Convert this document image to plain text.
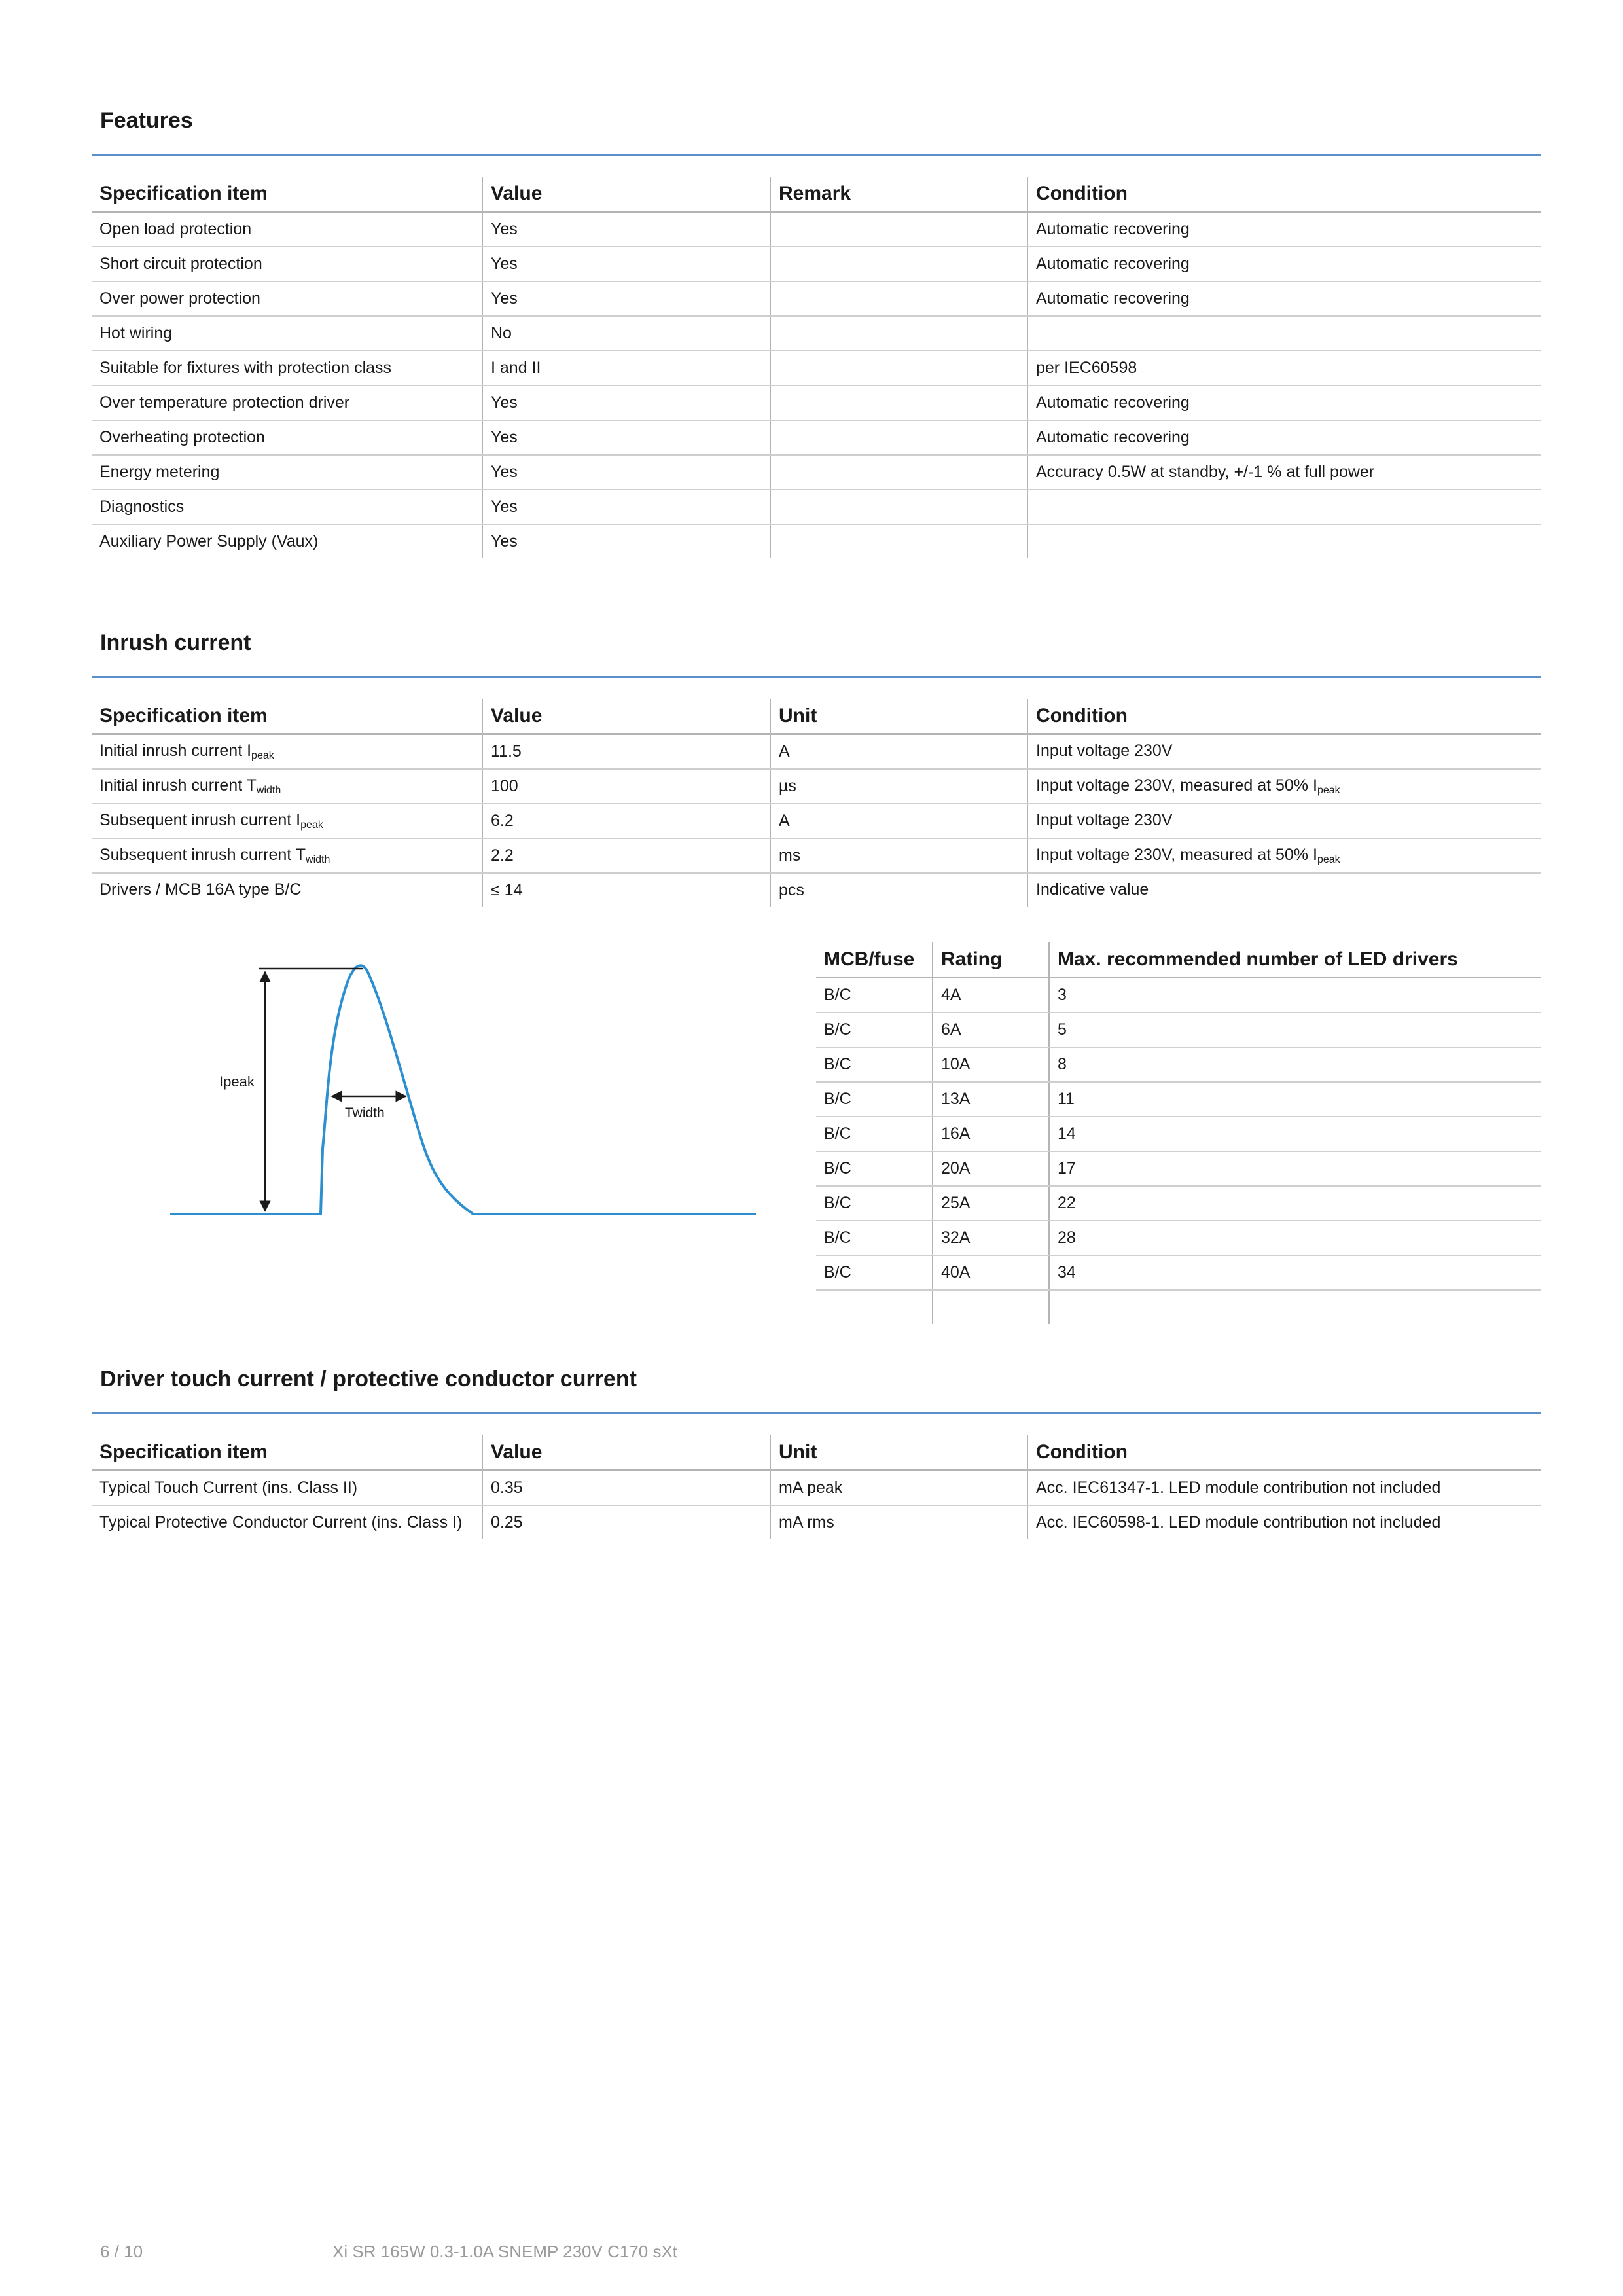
Features
Specification item	Value	Remark	Condition
Open load protection	Yes		Automatic recovering
Short circuit protection	Yes		Automatic recovering
Over power protection	Yes		Automatic recovering
Hot wiring	No		
Suitable for fixtures with protection class	I and II		per IEC60598
Over temperature protection driver	Yes		Automatic recovering
Overheating protection	Yes		Automatic recovering
Energy metering	Yes		Accuracy 0.5W at standby, +/-1 % at full power
Diagnostics	Yes		
Auxiliary Power Supply (Vaux)	Yes		
Inrush current
Specification item	Value	Unit	Condition
Initial inrush current $I_{peak}$	11.5	A	Input voltage 230V
Initial inrush current $T_{width}$	100	µs	Input voltage 230V, measured at 50% $I_{peak}$
Subsequent inrush current $I_{peak}$	6.2	A	Input voltage 230V
Subsequent inrush current $T_{width}$	2.2	ms	Input voltage 230V, measured at 50% $I_{peak}$
Drivers / MCB 16A type B/C	≤ 14	pcs	Indicative value
Ipeak
Twidth
MCB/fuse	Rating	Max. recommended number of LED drivers
B/C	4A	3
B/C	6A	5
B/C	10A	8
B/C	13A	11
B/C	16A	14
B/C	20A	17
B/C	25A	22
B/C	32A	28
B/C	40A	34

Driver touch current / protective conductor current
Specification item	Value	Unit	Condition
Typical Touch Current (ins. Class II)	0.35	mA peak	Acc. IEC61347-1. LED module contribution not included
Typical Protective Conductor Current (ins. Class I)	0.25	mA rms	Acc. IEC60598-1. LED module contribution not included
6 / 10	Xi SR 165W 0.3-1.0A SNEMP 230V C170 sXt
